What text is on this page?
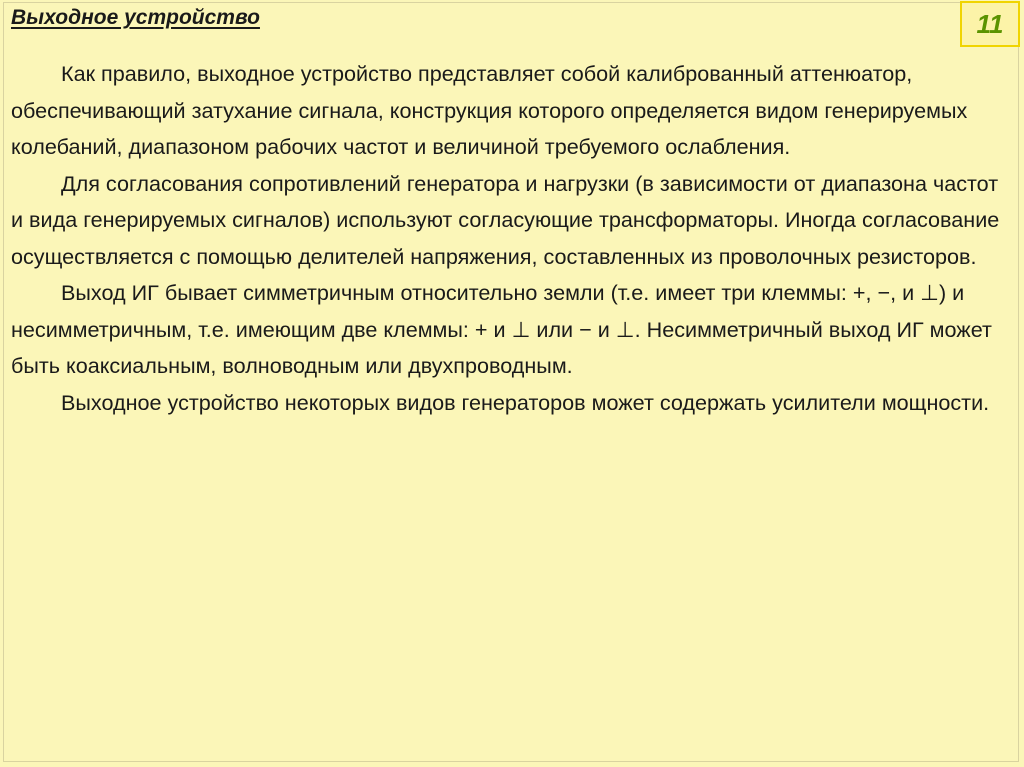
Выходное устройство	11

Как правило, выходное устройство представляет собой калиброванный аттенюатор, обеспечивающий затухание сигнала, конструкция которого определяется видом генерируемых колебаний, диапазоном рабочих частот и величиной требуемого ослабления.

Для согласования сопротивлений генератора и нагрузки (в зависимости от диапазона частот и вида генерируемых сигналов) используют согласующие трансформаторы. Иногда согласование осуществляется с помощью делителей напряжения, составленных из проволочных резисторов.

Выход ИГ бывает симметричным относительно земли (т.е. имеет три клеммы: +, −, и ⊥) и несимметричным, т.е. имеющим две клеммы: + и ⊥ или − и ⊥. Несимметричный выход ИГ может быть коаксиальным, волноводным или двухпроводным.

Выходное устройство некоторых видов генераторов может содержать усилители мощности.
